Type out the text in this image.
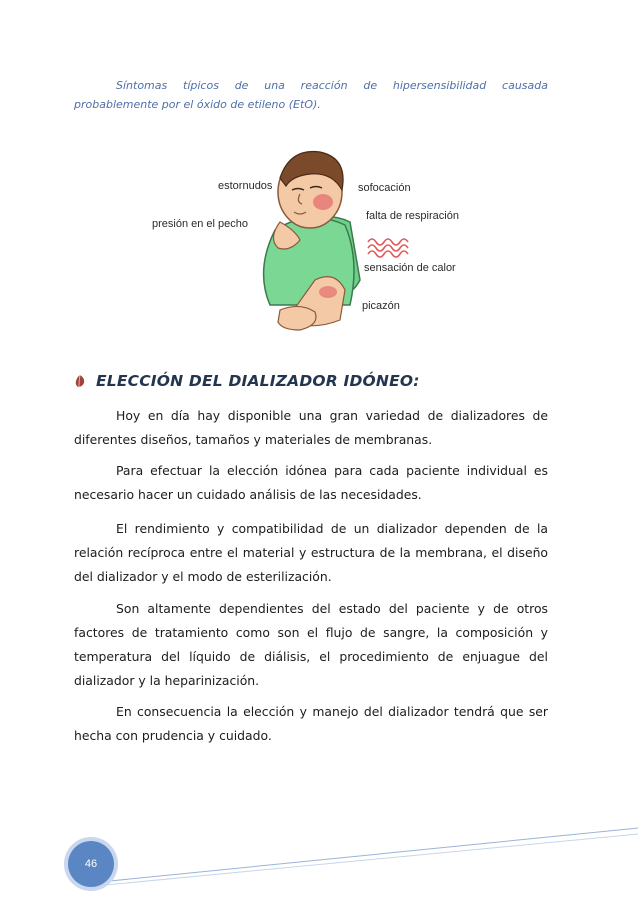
Síntomas típicos de una reacción de hipersensibilidad causada probablemente por el óxido de etileno (EtO).
estornudos	sofocación
presión en el pecho
falta de respiración
sensación de calor
picazón
ELECCIÓN DEL DIALIZADOR IDÓNEO:
Hoy en día hay disponible una gran variedad de dializadores de diferentes diseños, tamaños y materiales de membranas.
Para efectuar la elección idónea para cada paciente individual es necesario hacer un cuidado análisis de las necesidades.
El rendimiento y compatibilidad de un dializador dependen de la relación recíproca entre el material y estructura de la membrana, el diseño del dializador y el modo de esterilización.
Son altamente dependientes del estado del paciente y de otros factores de tratamiento como son el flujo de sangre, la composición y temperatura del líquido de diálisis, el procedimiento de enjuague del dializador y la heparinización.
En consecuencia la elección y manejo del dializador tendrá que ser hecha con prudencia y cuidado.
46
